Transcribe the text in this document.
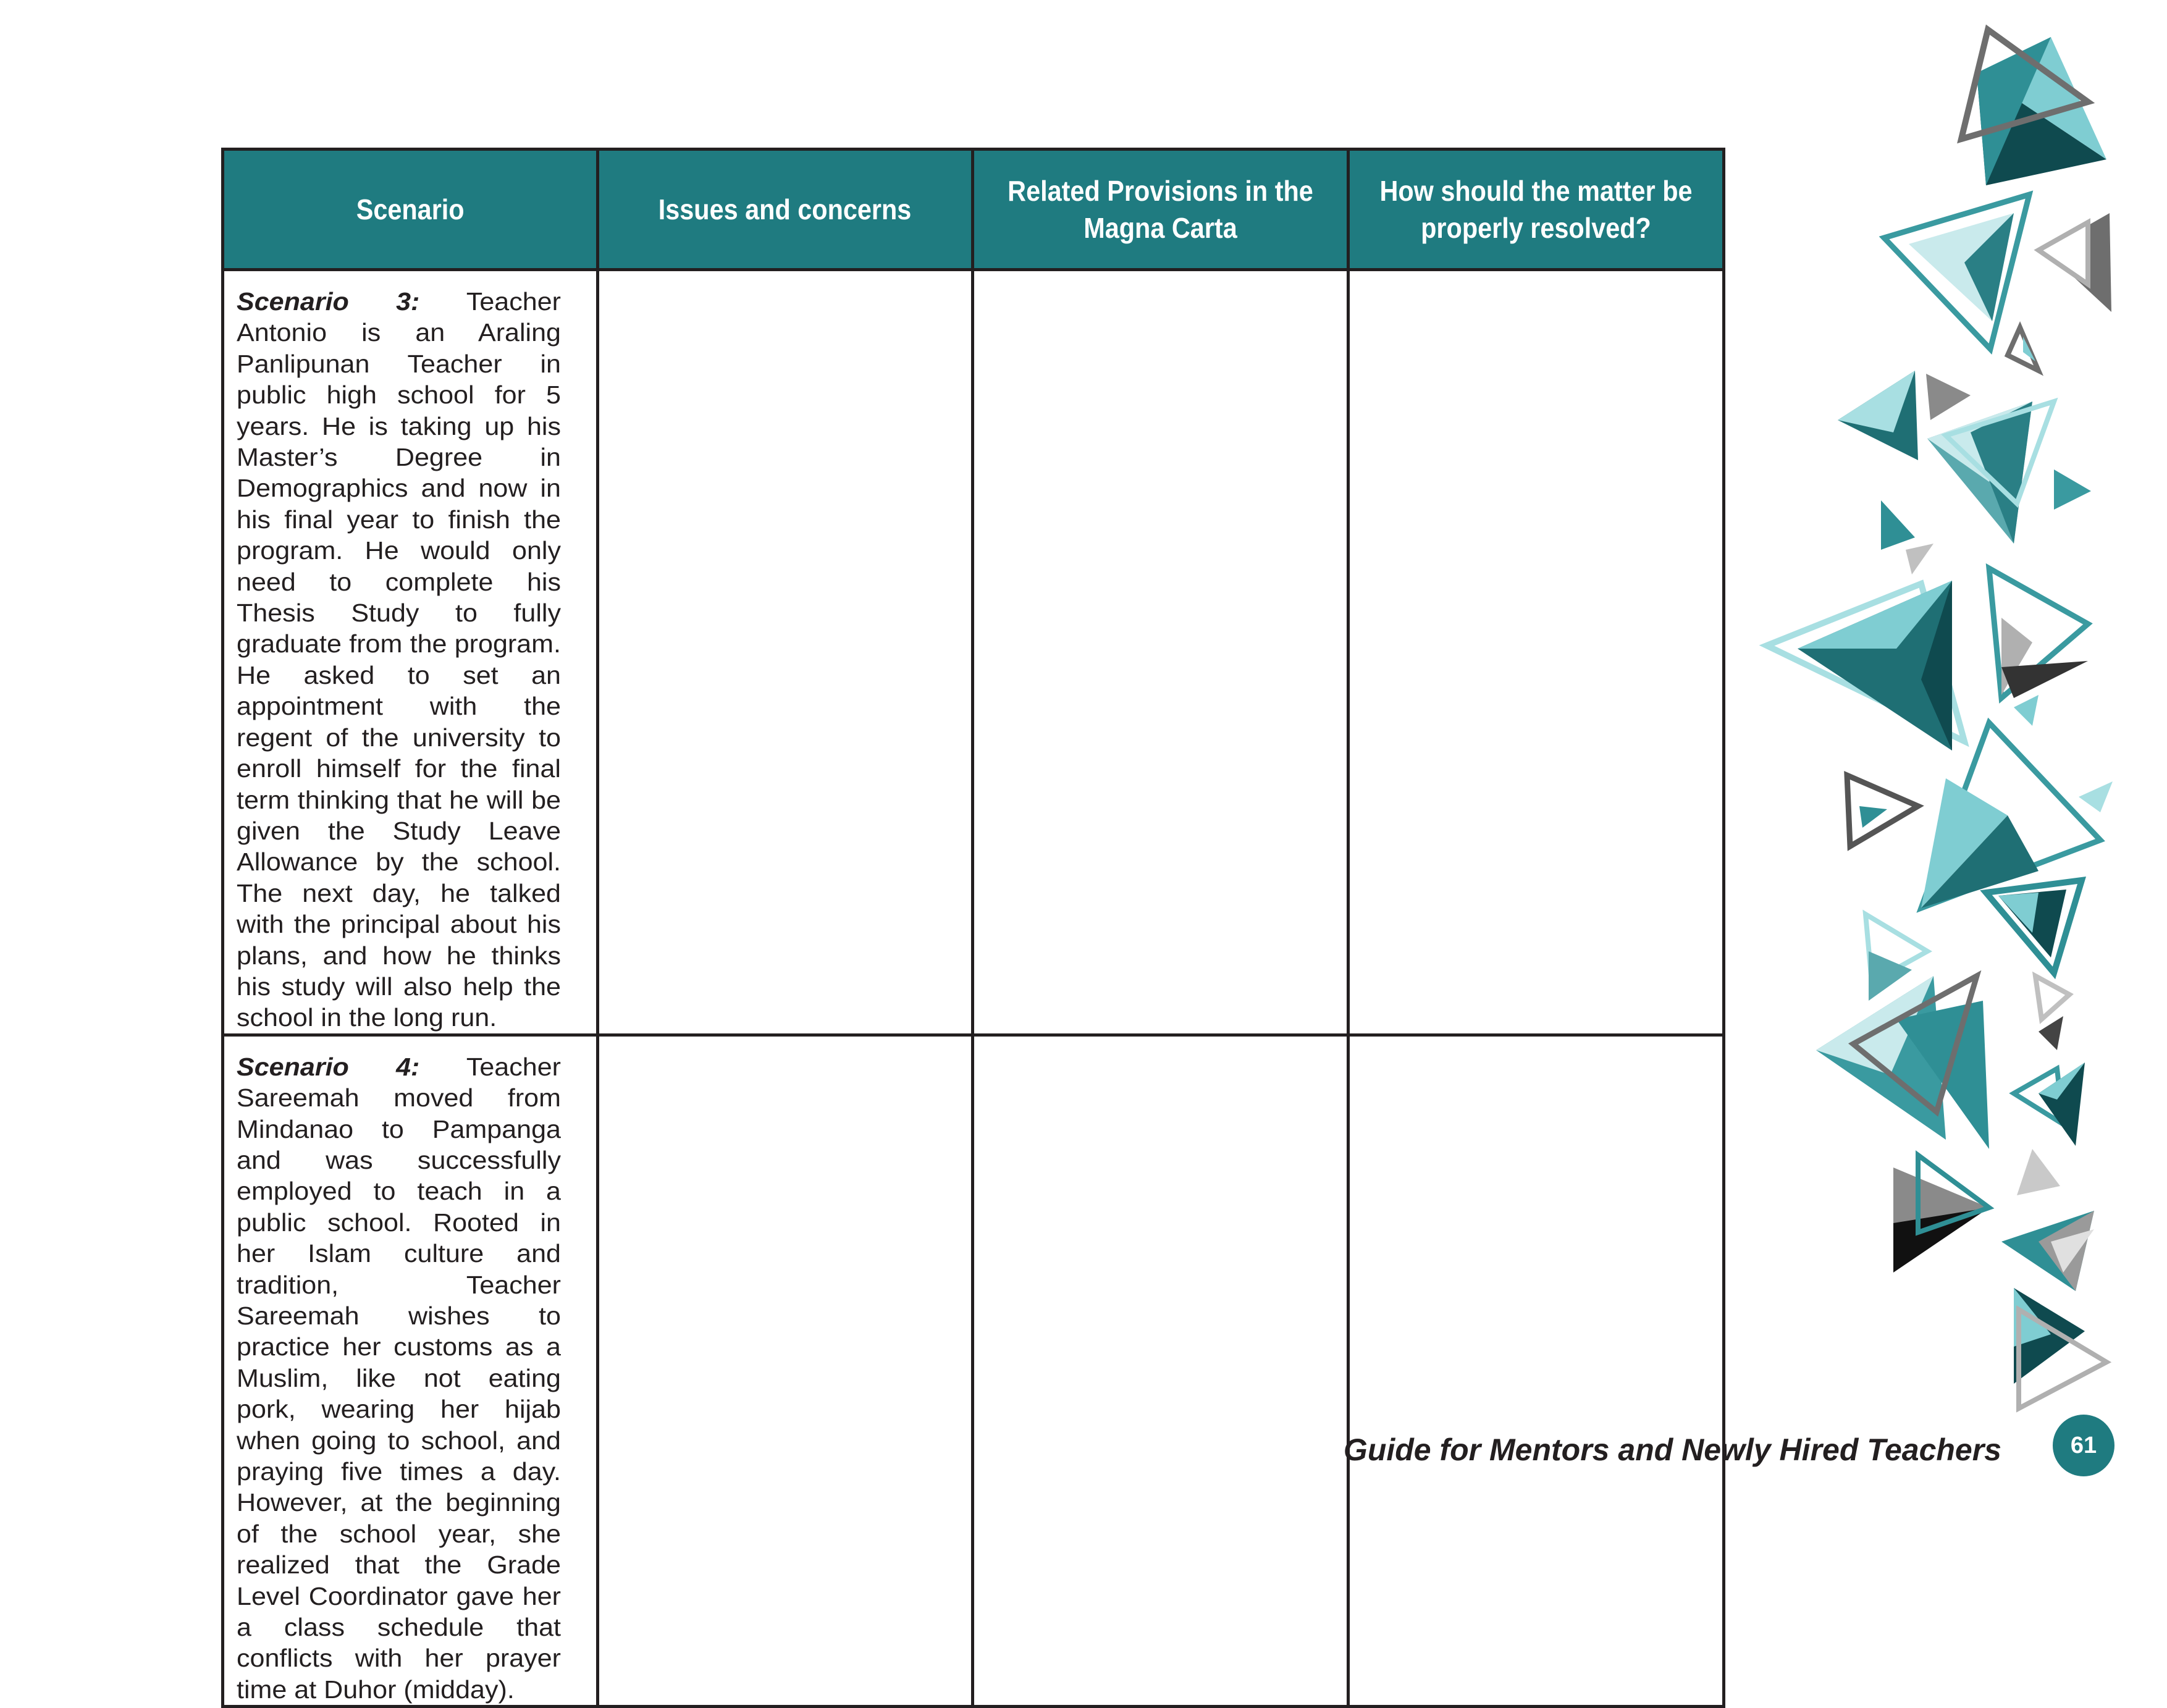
Scenario	Issues and concerns	Related Provisions in the Magna Carta	How should the matter be properly resolved?

Scenario 3: Teacher Antonio is an Araling Panlipunan Teacher in public high school for 5 years. He is taking up his Master’s Degree in Demographics and now in his final year to finish the program. He would only need to complete his Thesis Study to fully graduate from the program. He asked to set an appointment with the regent of the university to enroll himself for the final term thinking that he will be given the Study Leave Allowance by the school. The next day, he talked with the principal about his plans, and how he thinks his study will also help the school in the long run.			

Scenario 4: Teacher Sareemah moved from Mindanao to Pampanga and was successfully employed to teach in a public school. Rooted in her Islam culture and tradition, Teacher Sareemah wishes to practice her customs as a Muslim, like not eating pork, wearing her hijab when going to school, and praying five times a day. However, at the beginning of the school year, she realized that the Grade Level Coordinator gave her a class schedule that conflicts with her prayer time at Duhor (midday).			

Guide for Mentors and Newly Hired Teachers	61
